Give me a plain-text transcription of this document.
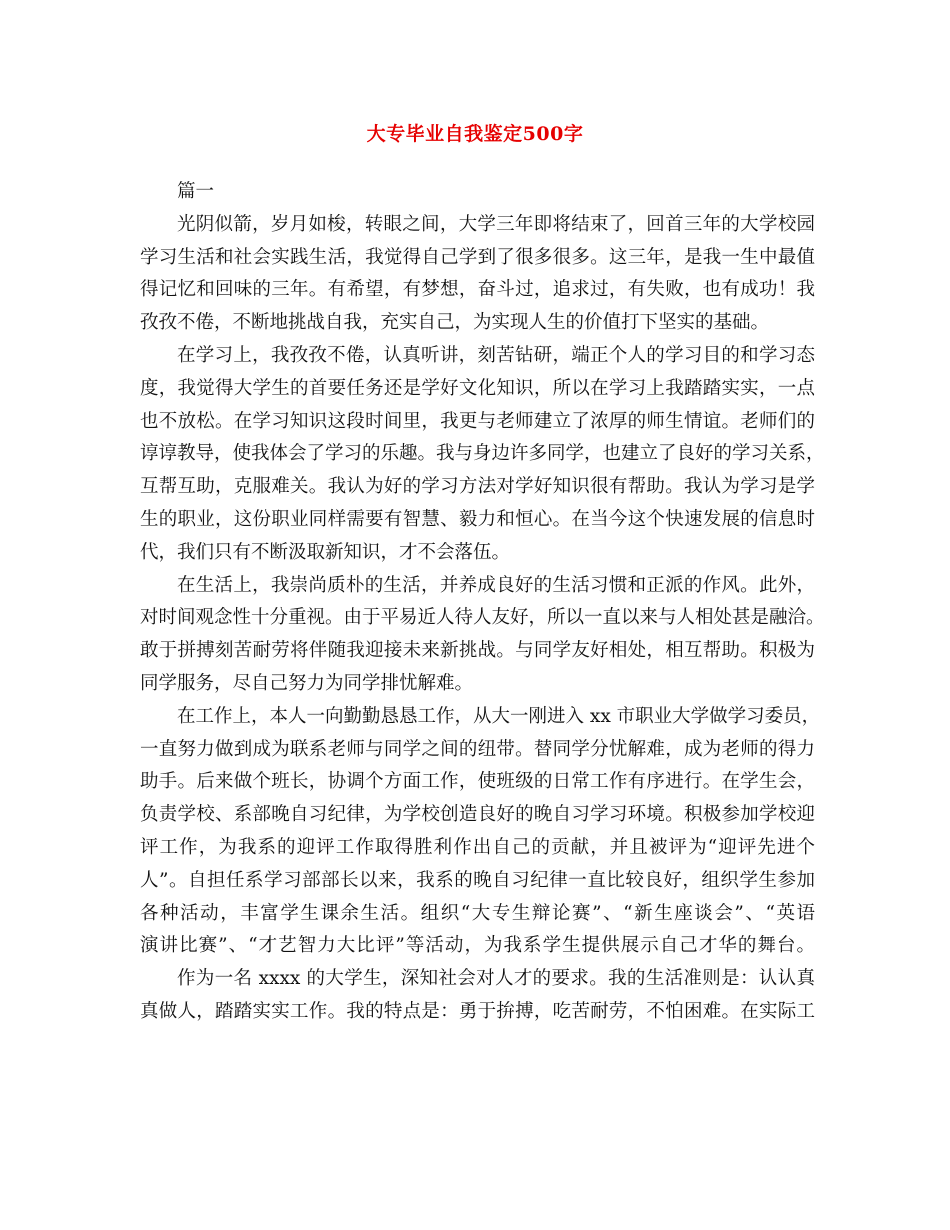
大专毕业自我鉴定500字
篇一
光阴似箭，岁月如梭，转眼之间，大学三年即将结束了，回首三年的大学校园
学习生活和社会实践生活，我觉得自己学到了很多很多。这三年，是我一生中最值
得记忆和回味的三年。有希望，有梦想，奋斗过，追求过，有失败，也有成功！我
孜孜不倦，不断地挑战自我，充实自己，为实现人生的价值打下坚实的基础。
在学习上，我孜孜不倦，认真听讲，刻苦钻研，端正个人的学习目的和学习态
度，我觉得大学生的首要任务还是学好文化知识，所以在学习上我踏踏实实，一点
也不放松。在学习知识这段时间里，我更与老师建立了浓厚的师生情谊。老师们的
谆谆教导，使我体会了学习的乐趣。我与身边许多同学，也建立了良好的学习关系，
互帮互助，克服难关。我认为好的学习方法对学好知识很有帮助。我认为学习是学
生的职业，这份职业同样需要有智慧、毅力和恒心。在当今这个快速发展的信息时
代，我们只有不断汲取新知识，才不会落伍。
在生活上，我崇尚质朴的生活，并养成良好的生活习惯和正派的作风。此外，
对时间观念性十分重视。由于平易近人待人友好，所以一直以来与人相处甚是融洽。
敢于拼搏刻苦耐劳将伴随我迎接未来新挑战。与同学友好相处，相互帮助。积极为
同学服务，尽自己努力为同学排忧解难。
在工作上，本人一向勤勤恳恳工作，从大一刚进入 xx 市职业大学做学习委员，
一直努力做到成为联系老师与同学之间的纽带。替同学分忧解难，成为老师的得力
助手。后来做个班长，协调个方面工作，使班级的日常工作有序进行。在学生会，
负责学校、系部晚自习纪律，为学校创造良好的晚自习学习环境。积极参加学校迎
评工作，为我系的迎评工作取得胜利作出自己的贡献，并且被评为“迎评先进个
人”。自担任系学习部部长以来，我系的晚自习纪律一直比较良好，组织学生参加
各种活动，丰富学生课余生活。组织“大专生辩论赛”、“新生座谈会”、“英语
演讲比赛”、“才艺智力大比评”等活动，为我系学生提供展示自己才华的舞台。
作为一名 xxxx 的大学生，深知社会对人才的要求。我的生活准则是：认认真
真做人，踏踏实实工作。我的特点是：勇于拚搏，吃苦耐劳，不怕困难。在实际工
